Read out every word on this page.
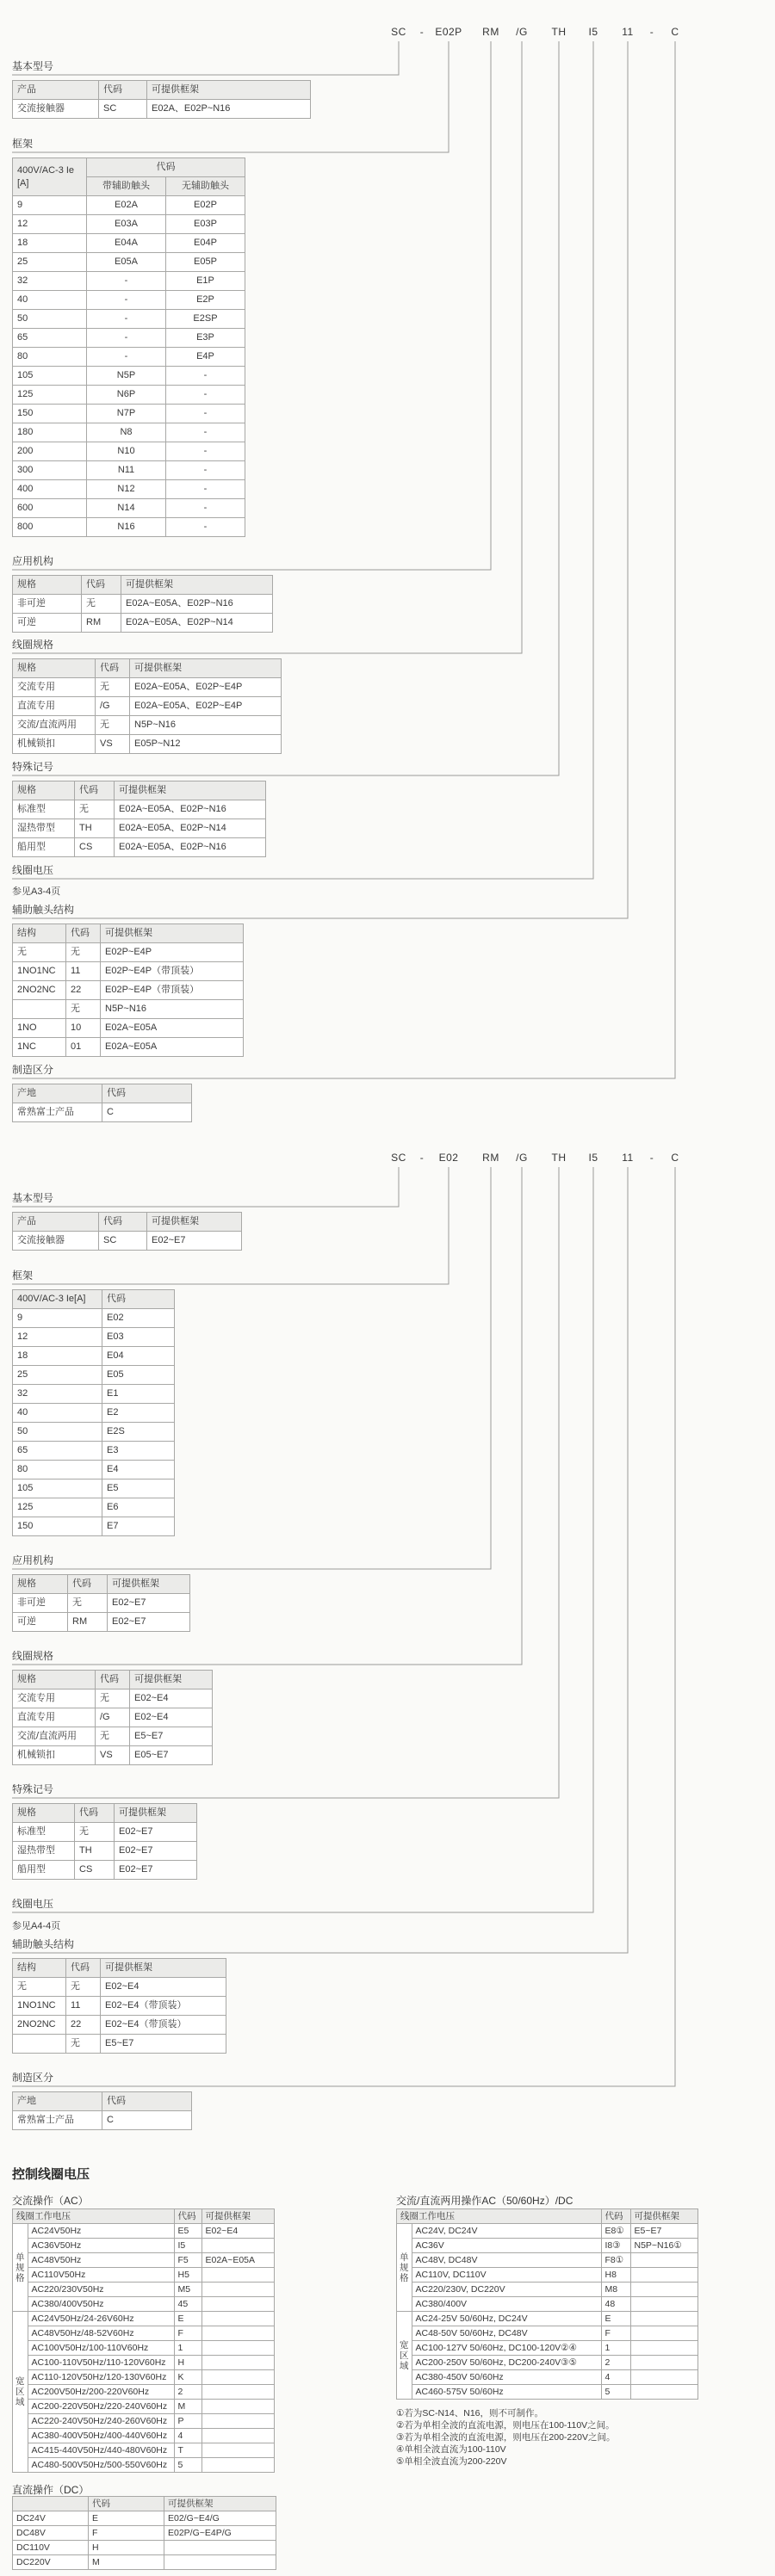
SC - E02P RM /G TH I5 11 - C
基本型号
产品	代码	可提供框架
交流接触器	SC	E02A、E02P~N16
框架
400V/AC-3 Ie [A]	代码	
	带辅助触头	无辅助触头
9	E02A	E02P
12	E03A	E03P
18	E04A	E04P
25	E05A	E05P
32	-	E1P
40	-	E2P
50	-	E2SP
65	-	E3P
80	-	E4P
105	N5P	-
125	N6P	-
150	N7P	-
180	N8	-
200	N10	-
300	N11	-
400	N12	-
600	N14	-
800	N16	-
应用机构
规格	代码	可提供框架
非可逆	无	E02A~E05A、E02P~N16
可逆	RM	E02A~E05A、E02P~N14
线圈规格
规格	代码	可提供框架
交流专用	无	E02A~E05A、E02P~E4P
直流专用	/G	E02A~E05A、E02P~E4P
交流/直流两用	无	N5P~N16
机械锁扣	VS	E05P~N12
特殊记号
规格	代码	可提供框架
标准型	无	E02A~E05A、E02P~N16
湿热带型	TH	E02A~E05A、E02P~N14
船用型	CS	E02A~E05A、E02P~N16
线圈电压
参见A3-4页
辅助触头结构
结构	代码	可提供框架
无	无	E02P~E4P
1NO1NC	11	E02P~E4P（带顶装）
2NO2NC	22	E02P~E4P（带顶装）
	无	N5P~N16
1NO	10	E02A~E05A
1NC	01	E02A~E05A
制造区分
产地	代码
常熟富士产品	C
SC - E02 RM /G TH I5 11 - C
基本型号
产品	代码	可提供框架
交流接触器	SC	E02~E7
框架
400V/AC-3 Ie[A]	代码
9	E02
12	E03
18	E04
25	E05
32	E1
40	E2
50	E2S
65	E3
80	E4
105	E5
125	E6
150	E7
应用机构
规格	代码	可提供框架
非可逆	无	E02~E7
可逆	RM	E02~E7
线圈规格
规格	代码	可提供框架
交流专用	无	E02~E4
直流专用	/G	E02~E4
交流/直流两用	无	E5~E7
机械锁扣	VS	E05~E7
特殊记号
规格	代码	可提供框架
标准型	无	E02~E7
湿热带型	TH	E02~E7
船用型	CS	E02~E7
线圈电压
参见A4-4页
辅助触头结构
结构	代码	可提供框架
无	无	E02~E4
1NO1NC	11	E02~E4（带顶装）
2NO2NC	22	E02~E4（带顶装）
	无	E5~E7
制造区分
产地	代码
常熟富士产品	C
控制线圈电压
交流操作（AC）
线圈工作电压		代码	可提供框架
单规格	AC24V50Hz	E5	E02~E4
	AC36V50Hz	I5	
	AC48V50Hz	F5	E02A~E05A
	AC110V50Hz	H5	
	AC220/230V50Hz	M5	
	AC380/400V50Hz	45	
宽区域	AC24V50Hz/24-26V60Hz	E	
	AC48V50Hz/48-52V60Hz	F	
	AC100V50Hz/100-110V60Hz	1	
	AC100-110V50Hz/110-120V60Hz	H	
	AC110-120V50Hz/120-130V60Hz	K	
	AC200V50Hz/200-220V60Hz	2	
	AC200-220V50Hz/220-240V60Hz	M	
	AC220-240V50Hz/240-260V60Hz	P	
	AC380-400V50Hz/400-440V60Hz	4	
	AC415-440V50Hz/440-480V60Hz	T	
	AC480-500V50Hz/500-550V60Hz	5	
直流操作（DC）
	代码	可提供框架
DC24V	E	E02/G~E4/G
DC48V	F	E02P/G~E4P/G
DC110V	H	
DC220V	M	
交流/直流两用操作AC（50/60Hz）/DC
线圈工作电压		代码	可提供框架
单规格	AC24V, DC24V	E8①	E5~E7
	AC36V	I8③	N5P~N16①
	AC48V, DC48V	F8①	
	AC110V, DC110V	H8	
	AC220/230V, DC220V	M8	
	AC380/400V	48	
宽区域	AC24-25V 50/60Hz, DC24V	E	
	AC48-50V 50/60Hz, DC48V	F	
	AC100-127V 50/60Hz, DC100-120V②④	1	
	AC200-250V 50/60Hz, DC200-240V③⑤	2	
	AC380-450V 50/60Hz	4	
	AC460-575V 50/60Hz	5	
①若为SC-N14、N16，则不可制作。
②若为单相全波的直流电源，则电压在100-110V之间。
③若为单相全波的直流电源，则电压在200-220V之间。
④单相全波直流为100-110V
⑤单相全波直流为200-220V
